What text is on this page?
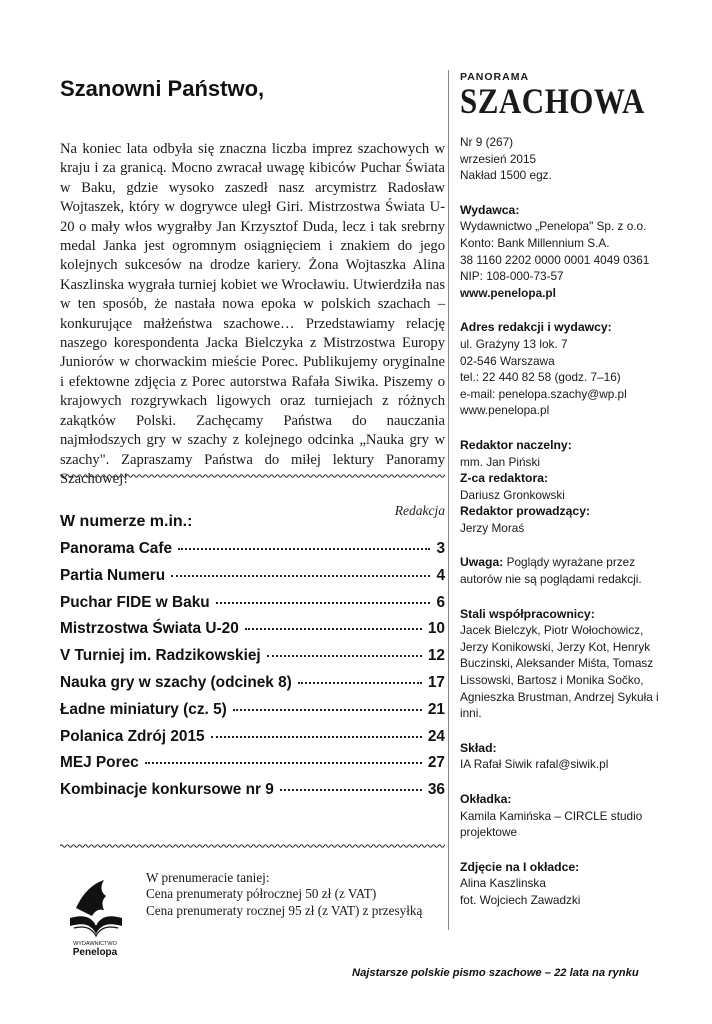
Szanowni Państwo,

Na koniec lata odbyła się znaczna liczba imprez szachowych w kraju i za granicą. Mocno zwracał uwagę kibiców Puchar Świata w Baku, gdzie wysoko zaszedł nasz arcymistrz Radosław Wojtaszek, który w dogrywce uległ Giri. Mistrzostwa Świata U-20 o mały włos wygrałby Jan Krzysztof Duda, lecz i tak srebrny medal Janka jest ogromnym osiągnięciem i znakiem do jego kolejnych sukcesów na drodze kariery. Żona Wojtaszka Alina Kaszlinska wygrała turniej kobiet we Wrocławiu. Utwierdziła nas w ten sposób, że nastała nowa epoka w polskich szachach – konkurujące małżeństwa szachowe… Przedstawiamy relację naszego korespondenta Jacka Bielczyka z Mistrzostwa Europy Juniorów w chorwackim mieście Porec. Publikujemy oryginalne i efektowne zdjęcia z Porec autorstwa Rafała Siwika. Piszemy o krajowych rozgrywkach ligowych oraz turniejach z różnych zakątków Polski. Zachęcamy Państwa do nauczania najmłodszych gry w szachy z kolejnego odcinka „Nauka gry w szachy". Zapraszamy Państwa do miłej lektury Panoramy Szachowej!

Redakcja
W numerze m.in.:
Panorama Cafe	3
Partia Numeru	4
Puchar FIDE w Baku	6
Mistrzostwa Świata U-20	10
V Turniej im. Radzikowskiej	12
Nauka gry w szachy (odcinek 8)	17
Ładne miniatury (cz. 5)	21
Polanica Zdrój 2015	24
MEJ Porec	27
Kombinacje konkursowe nr 9	36
WYDAWNICTWO
Penelopa
W prenumeracie taniej:
Cena prenumeraty półrocznej 50 zł (z VAT)
Cena prenumeraty rocznej 95 zł (z VAT) z przesyłką
PANORAMA
SZACHOWA
Nr 9 (267)
wrzesień 2015
Nakład 1500 egz.
Wydawca:
Wydawnictwo „Penelopa" Sp. z o.o.
Konto: Bank Millennium S.A.
38 1160 2202 0000 0001 4049 0361
NIP: 108-000-73-57
www.penelopa.pl
Adres redakcji i wydawcy:
ul. Grażyny 13 lok. 7
02-546 Warszawa
tel.: 22 440 82 58 (godz. 7–16)
e-mail: penelopa.szachy@wp.pl
www.penelopa.pl
Redaktor naczelny:
mm. Jan Piński
Z-ca redaktora:
Dariusz Gronkowski
Redaktor prowadzący:
Jerzy Moraś
Uwaga: Poglądy wyrażane przez autorów nie są poglądami redakcji.
Stali współpracownicy:
Jacek Bielczyk, Piotr Wołochowicz, Jerzy Konikowski, Jerzy Kot, Henryk Buczinski, Aleksander Miśta, Tomasz Lissowski, Bartosz i Monika Sočko, Agnieszka Brustman, Andrzej Sykuła i inni.
Skład:
IA Rafał Siwik rafal@siwik.pl
Okładka:
Kamila Kamińska – CIRCLE studio projektowe
Zdjęcie na I okładce:
Alina Kaszlinska
fot. Wojciech Zawadzki
Najstarsze polskie pismo szachowe – 22 lata na rynku
